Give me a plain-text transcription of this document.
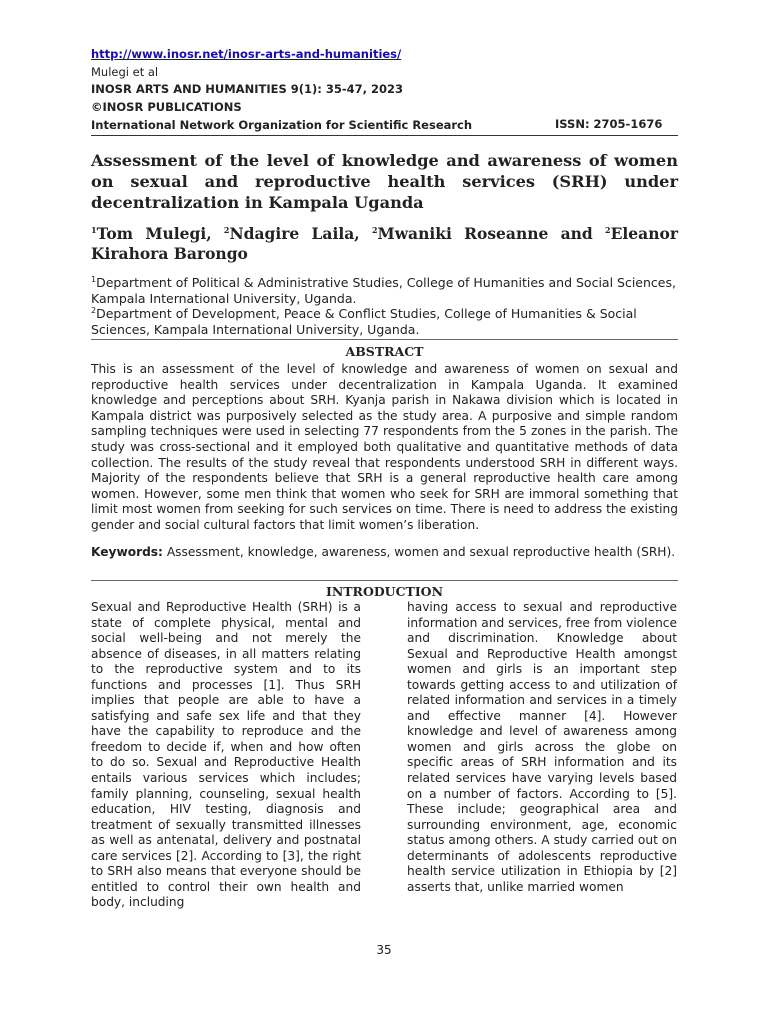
http://www.inosr.net/inosr-arts-and-humanities/
Mulegi et al
INOSR ARTS AND HUMANITIES 9(1): 35-47, 2023
©INOSR PUBLICATIONS
International Network Organization for Scientific Research	ISSN: 2705-1676
Assessment of the level of knowledge and awareness of women on sexual and reproductive health services (SRH) under decentralization in Kampala Uganda
$^1$Tom Mulegi, $^2$Ndagire Laila, $^2$Mwaniki Roseanne and $^2$Eleanor Kirahora Barongo
$^1$Department of Political & Administrative Studies, College of Humanities and Social Sciences, Kampala International University, Uganda.
$^2$Department of Development, Peace & Conflict Studies, College of Humanities & Social Sciences, Kampala International University, Uganda.
ABSTRACT
This is an assessment of the level of knowledge and awareness of women on sexual and reproductive health services under decentralization in Kampala Uganda. It examined knowledge and perceptions about SRH. Kyanja parish in Nakawa division which is located in Kampala district was purposively selected as the study area. A purposive and simple random sampling techniques were used in selecting 77 respondents from the 5 zones in the parish. The study was cross-sectional and it employed both qualitative and quantitative methods of data collection. The results of the study reveal that respondents understood SRH in different ways. Majority of the respondents believe that SRH is a general reproductive health care among women. However, some men think that women who seek for SRH are immoral something that limit most women from seeking for such services on time. There is need to address the existing gender and social cultural factors that limit women’s liberation.
Keywords: Assessment, knowledge, awareness, women and sexual reproductive health (SRH).
INTRODUCTION
Sexual and Reproductive Health (SRH) is a state of complete physical, mental and social well-being and not merely the absence of diseases, in all matters relating to the reproductive system and to its functions and processes [1]. Thus SRH implies that people are able to have a satisfying and safe sex life and that they have the capability to reproduce and the freedom to decide if, when and how often to do so. Sexual and Reproductive Health entails various services which includes; family planning, counseling, sexual health education, HIV testing, diagnosis and treatment of sexually transmitted illnesses as well as antenatal, delivery and postnatal care services [2]. According to [3], the right to SRH also means that everyone should be entitled to control their own health and body, including
having access to sexual and reproductive information and services, free from violence and discrimination. Knowledge about Sexual and Reproductive Health amongst women and girls is an important step towards getting access to and utilization of related information and services in a timely and effective manner [4]. However knowledge and level of awareness among women and girls across the globe on specific areas of SRH information and its related services have varying levels based on a number of factors. According to [5]. These include; geographical area and surrounding environment, age, economic status among others. A study carried out on determinants of adolescents reproductive health service utilization in Ethiopia by [2] asserts that, unlike married women
35
